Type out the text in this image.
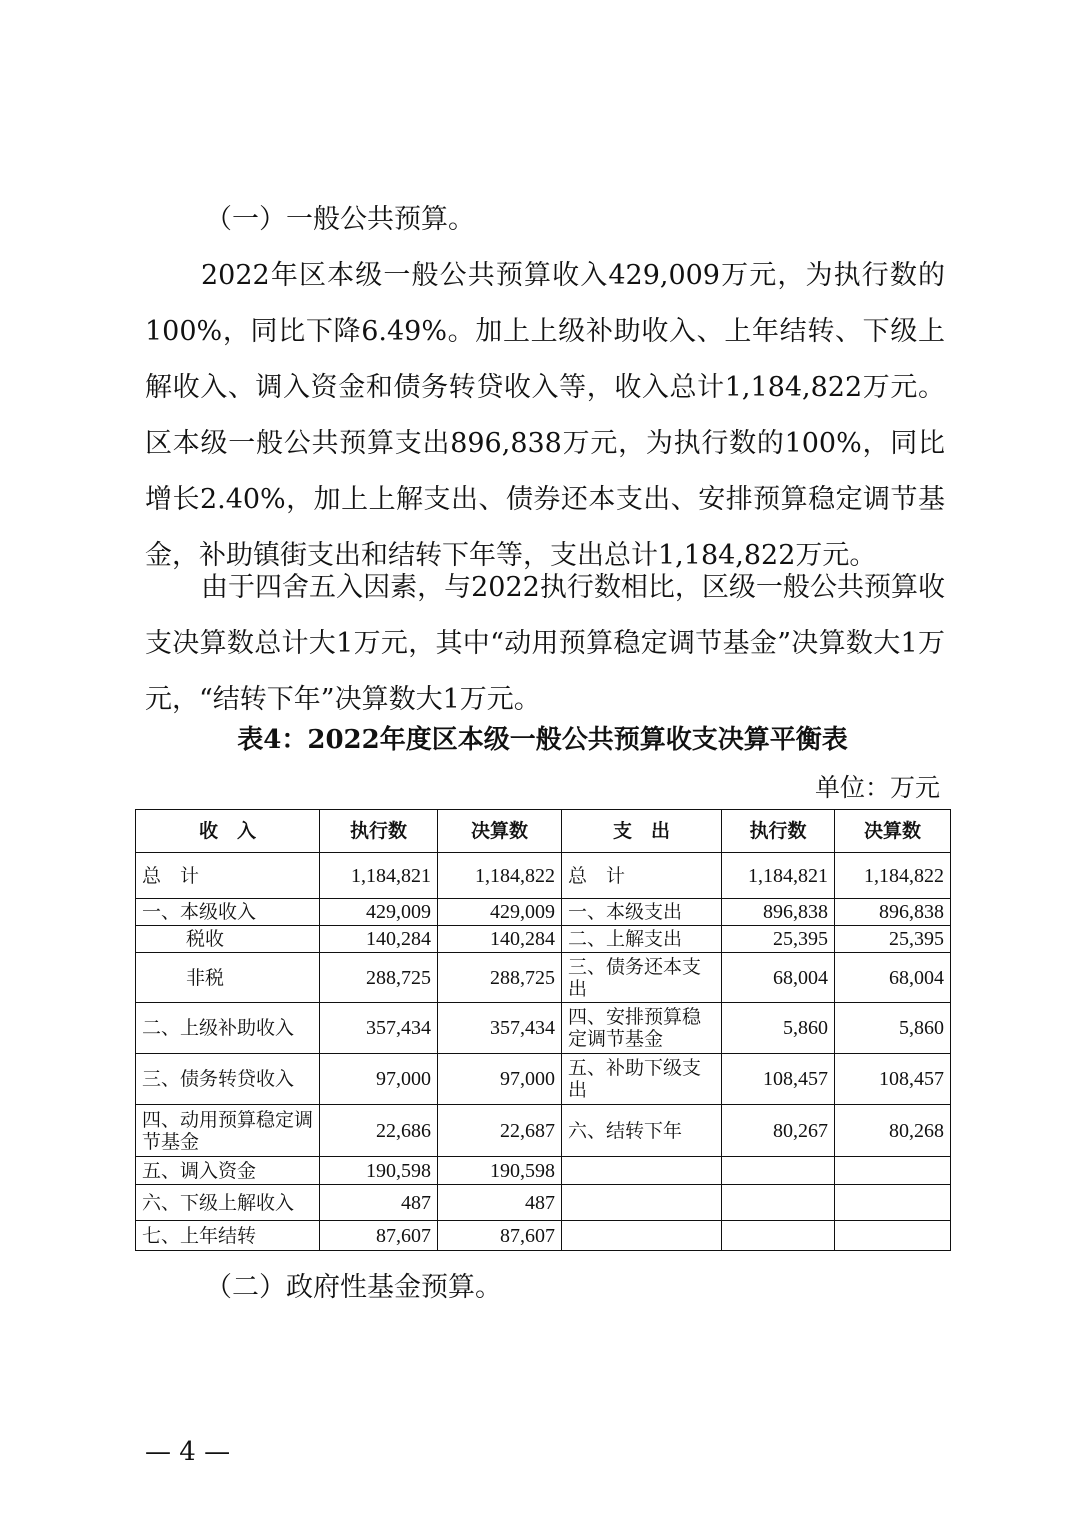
（一）一般公共预算。

2022年区本级一般公共预算收入429,009万元，为执行数的100%，同比下降6.49%。加上上级补助收入、上年结转、下级上解收入、调入资金和债务转贷收入等，收入总计1,184,822万元。区本级一般公共预算支出896,838万元，为执行数的100%，同比增长2.40%，加上上解支出、债券还本支出、安排预算稳定调节基金，补助镇街支出和结转下年等，支出总计1,184,822万元。

由于四舍五入因素，与2022执行数相比，区级一般公共预算收支决算数总计大1万元，其中“动用预算稳定调节基金”决算数大1万元，“结转下年”决算数大1万元。

表4：2022年度区本级一般公共预算收支决算平衡表

单位：万元

收　入	执行数	决算数	支　出	执行数	决算数
总　计	1,184,821	1,184,822	总　计	1,184,821	1,184,822
一、本级收入	429,009	429,009	一、本级支出	896,838	896,838
税收	140,284	140,284	二、上解支出	25,395	25,395
非税	288,725	288,725	三、债务还本支出	68,004	68,004
二、上级补助收入	357,434	357,434	四、安排预算稳定调节基金	5,860	5,860
三、债务转贷收入	97,000	97,000	五、补助下级支出	108,457	108,457
四、动用预算稳定调节基金	22,686	22,687	六、结转下年	80,267	80,268
五、调入资金	190,598	190,598			
六、下级上解收入	487	487			
七、上年结转	87,607	87,607			

（二）政府性基金预算。

— 4 —
